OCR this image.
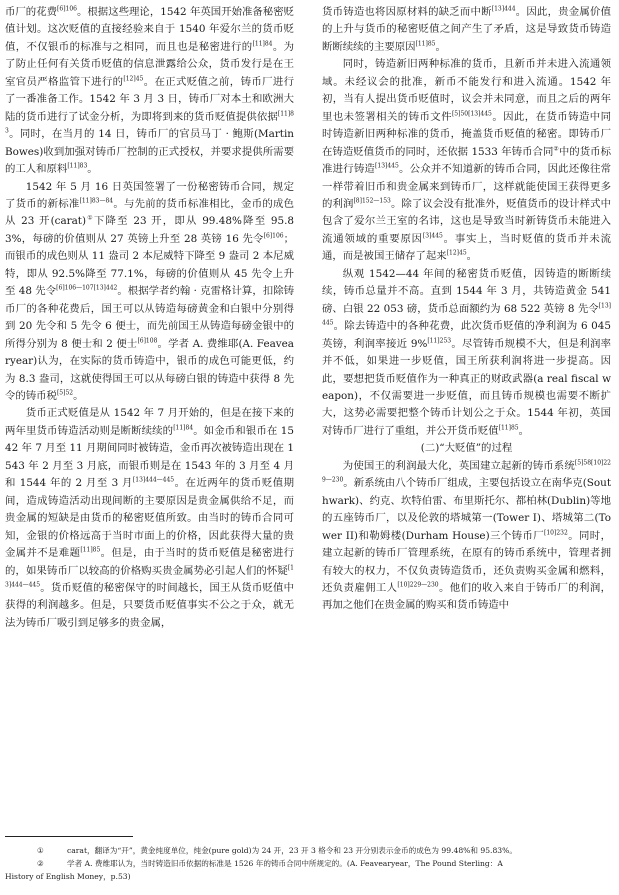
币厂的花费$^{[6]106}$。根据这些理论，1542 年英国开始准备秘密贬值计划。这次贬值的直接经验来自于 1540 年爱尔兰的货币贬值，不仅银币的标准与之相同，而且也是秘密进行的$^{[11]84}$。为了防止任何有关货币贬值的信息泄露给公众，货币发行是在王室官员严格监管下进行的$^{[12]45}$。在正式贬值之前，铸币厂进行了一番准备工作。1542 年 3 月 3 日，铸币厂对本土和欧洲大陆的货币进行了试金分析，为即将到来的货币贬值提供依据$^{[11]83}$。同时，在当月的 14 日，铸币厂的官员马丁 · 鲍斯(Martin Bowes)收到加强对铸币厂控制的正式授权，并要求提供所需要的工人和原料$^{[11]83}$。

1542 年 5 月 16 日英国签署了一份秘密铸币合同，规定了货币的新标准$^{[11]83—84}$。与先前的货币标准相比，金币的成色从 23 开(carat)①下降至 23 开，即从 99.48%降至 95.83%，每磅的价值则从 27 英镑上升至 28 英镑 16 先令$^{[6]106}$；而银币的成色则从 11 盎司 2 本尼威特下降至 9 盎司 2 本尼威特，即从 92.5%降至 77.1%，每磅的价值则从 45 先令上升至 48 先令$^{[6]106—107[13]442}$。根据学者约翰 · 克雷格计算，扣除铸币厂的各种花费后，国王可以从铸造每磅黄金和白银中分别得到 20 先令和 5 先令 6 便士，而先前国王从铸造每磅金银中的所得分别为 8 便士和 2 便士$^{[6]108}$。学者 A. 费维耶(A. Feavearyear)认为，在实际的货币铸造中，银币的成色可能更低，约为 8.3 盎司，这就使得国王可以从每磅白银的铸造中获得 8 先令的铸币税$^{[5]52}$。

货币正式贬值是从 1542 年 7 月开始的，但是在接下来的两年里货币铸造活动则是断断续续的$^{[11]84}$。如金币和银币在 1542 年 7 月至 11 月期间同时被铸造，金币再次被铸造出现在 1543 年 2 月至 3 月底，而银币则是在 1543 年的 3 月至 4 月和 1544 年的 2 月至 3 月$^{[13]444—445}$。在近两年的货币贬值期间，造成铸造活动出现间断的主要原因是贵金属供给不足，而贵金属的短缺是由货币的秘密贬值所致。由当时的铸币合同可知，金银的价格远高于当时市面上的价格，因此获得大量的贵金属并不是难题$^{[11]85}$。但是，由于当时的货币贬值是秘密进行的，如果铸币厂以较高的价格购买贵金属势必引起人们的怀疑$^{[13]444—445}$。货币贬值的秘密保守的时间越长，国王从货币贬值中获得的利润越多。但是，只要货币贬值事实不公之于众，就无法为铸币厂吸引到足够多的贵金属，

货币铸造也将因原材料的缺乏而中断$^{[13]444}$。因此，贵金属价值的上升与货币的秘密贬值之间产生了矛盾，这是导致货币铸造断断续续的主要原因$^{[11]85}$。

同时，铸造新旧两种标准的货币，且新币并未进入流通领域。未经议会的批准，新币不能发行和进入流通。1542 年初，当有人提出货币贬值时，议会并未同意，而且之后的两年里也未签署相关的铸币文件$^{[5]50[13]445}$。因此，在货币铸造中同时铸造新旧两种标准的货币，掩盖货币贬值的秘密。即铸币厂在铸造贬值货币的同时，还依据 1533 年铸币合同②中的货币标准进行铸造$^{[13]445}$。公众并不知道新的铸币合同，因此还像往常一样带着旧币和贵金属来到铸币厂，这样就能使国王获得更多的利润$^{[8]152—153}$。除了议会没有批准外，贬值货币的设计样式中包含了爱尔兰王室的名讳，这也是导致当时新铸货币未能进入流通领域的重要原因$^{[3]445}$。事实上，当时贬值的货币并未流通，而是被国王储存了起来$^{[12]45}$。

纵观 1542—44 年间的秘密货币贬值，因铸造的断断续续，铸币总量并不高。直到 1544 年 3 月，共铸造黄金 541 磅、白银 22 053 磅，货币总面额约为 68 522 英镑 8 先令$^{[13]445}$。除去铸造中的各种花费，此次货币贬值的净利润为 6 045 英镑，利润率接近 9%$^{[11]253}$。尽管铸币规模不大，但是利润率并不低，如果进一步贬值，国王所获利润将进一步提高。因此，要想把货币贬值作为一种真正的财政武器(a real fiscal weapon)，不仅需要进一步贬值，而且铸币规模也需要不断扩大，这势必需要把整个铸币计划公之于众。1544 年初，英国对铸币厂进行了重组，并公开货币贬值$^{[11]85}$。

(二)“大贬值”的过程

为使国王的利润最大化，英国建立起新的铸币系统$^{[5]58[10]229—230}$。新系统由八个铸币厂组成，主要包括设立在南华克(Southwark)、约克、坎特伯雷、布里斯托尔、都柏林(Dublin)等地的五座铸币厂，以及伦敦的塔城第一(Tower I)、塔城第二(Tower II)和勒姆楼(Durham House)三个铸币厂$^{[10]232}$。同时，建立起新的铸币厂管理系统，在原有的铸币系统中，管理者拥有较大的权力，不仅负责铸造货币，还负责购买金属和燃料，还负责雇佣工人$^{[10]229—230}$。他们的收入来自于铸币厂的利润，再加之他们在贵金属的购买和货币铸造中

①	carat，翻译为“开”，黄金纯度单位，纯金(pure gold)为 24 开，23 开 3 格令和 23 开分别表示金币的成色为 99.48%和 95.83%。

②	学者 A. 费维耶认为，当时铸造旧币依据的标准是 1526 年的铸币合同中所规定的。(A. Feavearyear，The Pound Sterling：A

History of English Money，p.53)
